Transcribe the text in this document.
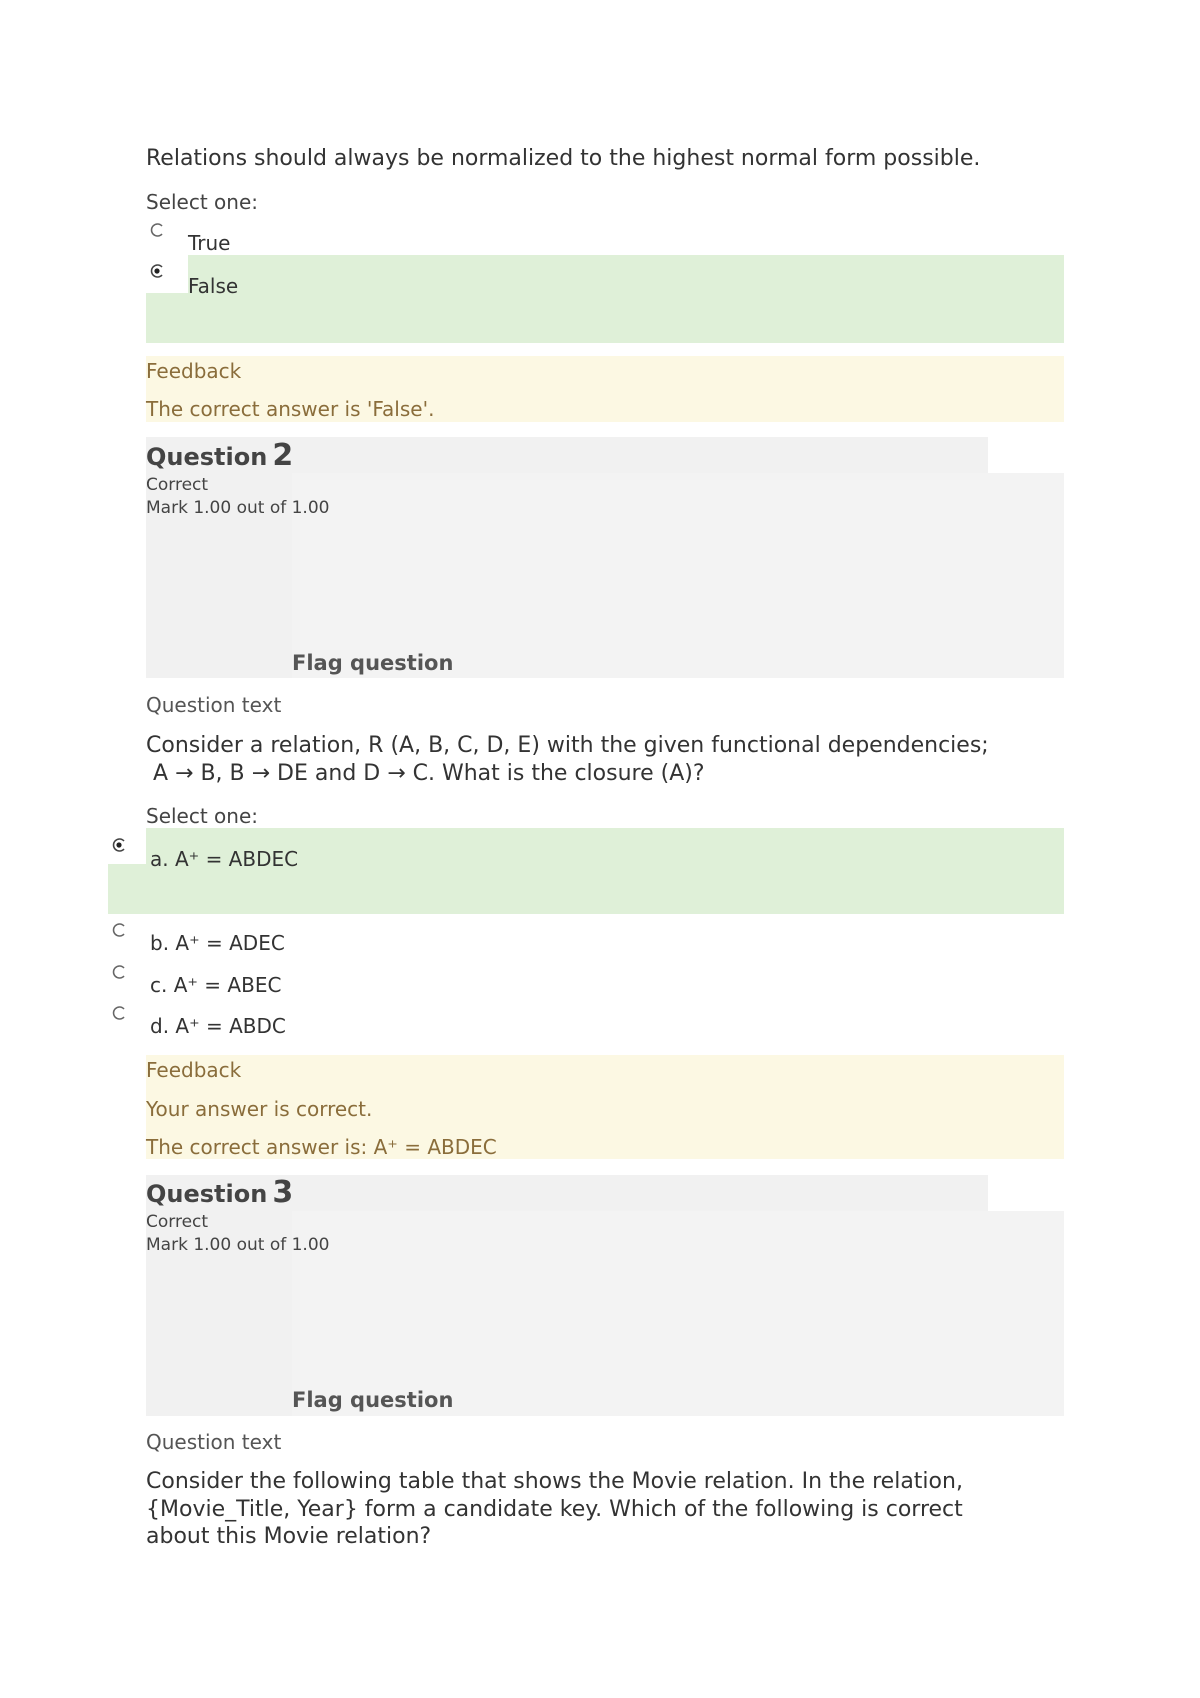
Relations should always be normalized to the highest normal form possible.
Select one:
True
False
Feedback
The correct answer is 'False'.
Question 2
Correct
Mark 1.00 out of 1.00
Flag question
Question text
Consider a relation, R (A, B, C, D, E) with the given functional dependencies;
A → B, B → DE and D → C. What is the closure (A)?
Select one:
a. A⁺ = ABDEC
b. A⁺ = ADEC
c. A⁺ = ABEC
d. A⁺ = ABDC
Feedback
Your answer is correct.
The correct answer is: A⁺ = ABDEC
Question 3
Correct
Mark 1.00 out of 1.00
Flag question
Question text
Consider the following table that shows the Movie relation. In the relation,
{Movie_Title, Year} form a candidate key. Which of the following is correct
about this Movie relation?
